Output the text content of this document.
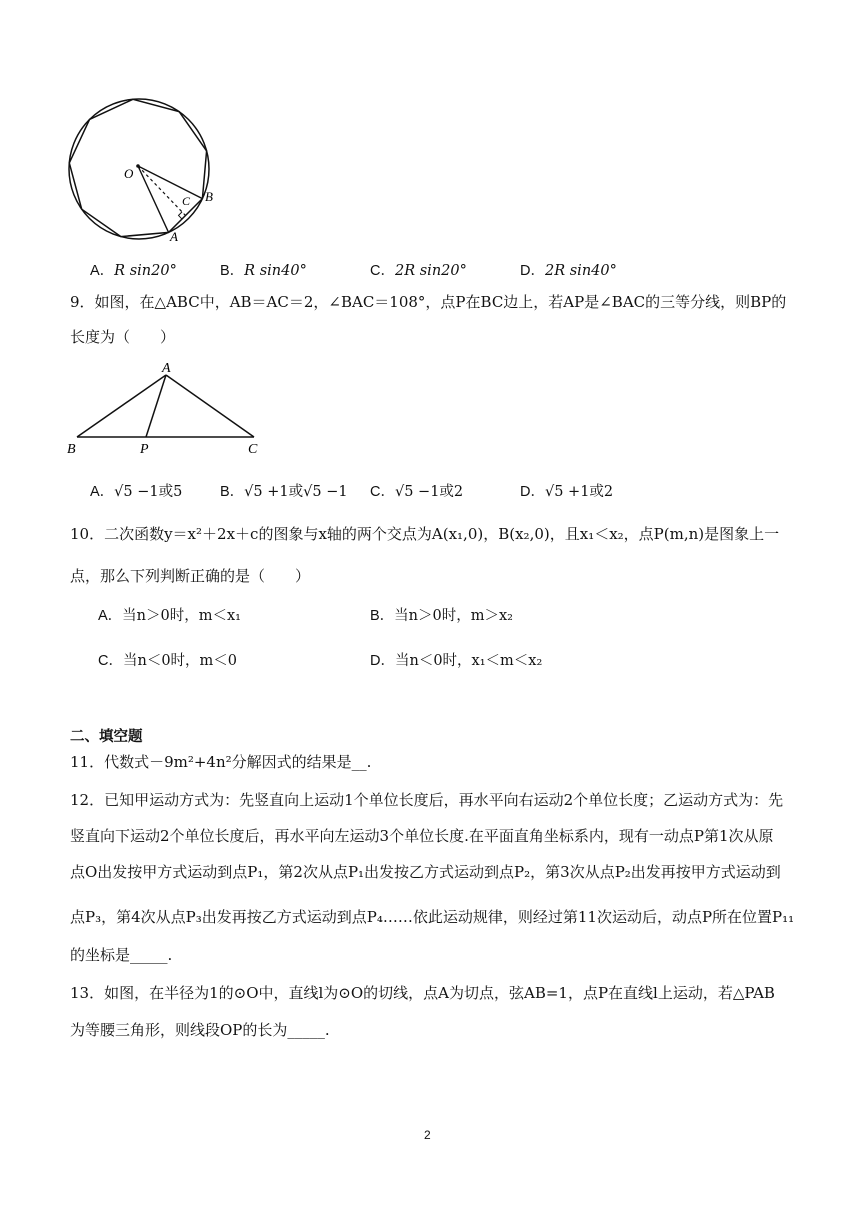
O
B
C
A
A．R sin20°	B．R sin40°	C．2R sin20°	D．2R sin40°
9．如图，在△ABC中，AB＝AC＝2，∠BAC＝108°，点P在BC边上，若AP是∠BAC的三等分线，则BP的
长度为（　　）
A
B	P	C
A．√5 −1或5	B．√5 +1或√5 −1 C．√5 −1或2	D．√5 +1或2
10．二次函数y＝x²＋2x＋c的图象与x轴的两个交点为A(x₁,0)，B(x₂,0)，且x₁＜x₂，点P(m,n)是图象上一
点，那么下列判断正确的是（　　）
A．当n＞0时，m＜x₁	B．当n＞0时，m＞x₂
C．当n＜0时，m＜0	D．当n＜0时，x₁＜m＜x₂
二、填空题
11．代数式－9m²+4n²分解因式的结果是__.
12．已知甲运动方式为：先竖直向上运动1个单位长度后，再水平向右运动2个单位长度；乙运动方式为：先
竖直向下运动2个单位长度后，再水平向左运动3个单位长度.在平面直角坐标系内，现有一动点P第1次从原
点O出发按甲方式运动到点P₁，第2次从点P₁出发按乙方式运动到点P₂，第3次从点P₂出发再按甲方式运动到
点P₃，第4次从点P₃出发再按乙方式运动到点P₄……依此运动规律，则经过第11次运动后，动点P所在位置P₁₁
的坐标是_____.
13．如图，在半径为1的⊙O中，直线l为⊙O的切线，点A为切点，弦AB=1，点P在直线l上运动，若△PAB
为等腰三角形，则线段OP的长为_____.
2
